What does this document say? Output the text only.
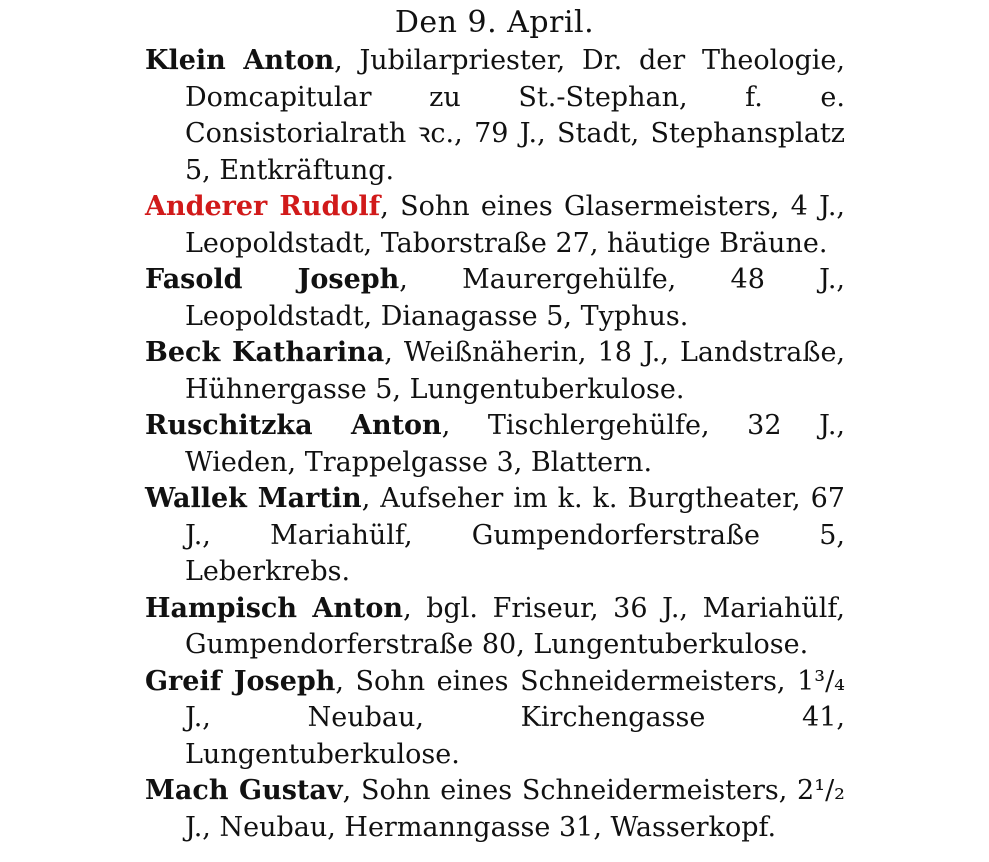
Den 9. April.
Klein Anton, Jubilarpriester, Dr. der Theologie, Domcapitular zu St.-Stephan, f. e. Consistorialrath ꝛc., 79 J., Stadt, Stephansplatz 5, Entkräftung.
Anderer Rudolf, Sohn eines Glasermeisters, 4 J., Leopoldstadt, Taborstraße 27, häutige Bräune.
Fasold Joseph, Maurergehülfe, 48 J., Leopoldstadt, Dianagasse 5, Typhus.
Beck Katharina, Weißnäherin, 18 J., Landstraße, Hühnergasse 5, Lungentuberkulose.
Ruschitzka Anton, Tischlergehülfe, 32 J., Wieden, Trappelgasse 3, Blattern.
Wallek Martin, Aufseher im k. k. Burgtheater, 67 J., Mariahülf, Gumpendorferstraße 5, Leberkrebs.
Hampisch Anton, bgl. Friseur, 36 J., Mariahülf, Gumpendorferstraße 80, Lungentuberkulose.
Greif Joseph, Sohn eines Schneidermeisters, 1³/₄ J., Neubau, Kirchengasse 41, Lungentuberkulose.
Mach Gustav, Sohn eines Schneidermeisters, 2¹/₂ J., Neubau, Hermanngasse 31, Wasserkopf.
